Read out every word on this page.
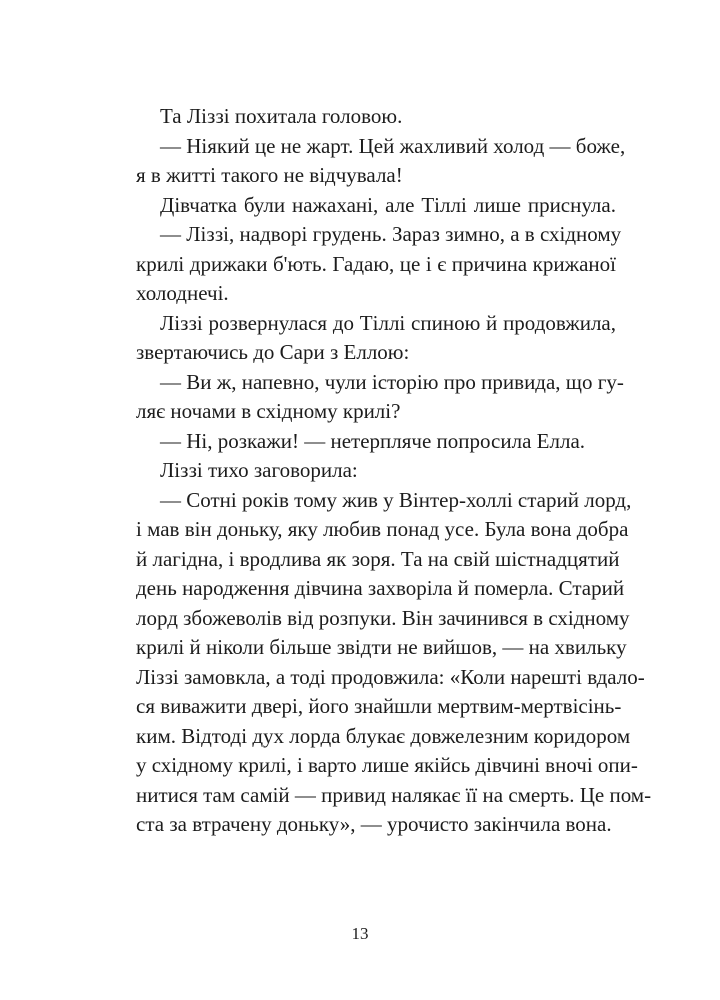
Та Ліззі похитала головою.
— Ніякий це не жарт. Цей жахливий холод — боже,
я в житті такого не відчувала!
Дівчатка були нажахані, але Тіллі лише приснула.
— Ліззі, надворі грудень. Зараз зимно, а в східному
крилі дрижаки б'ють. Гадаю, це і є причина крижаної
холоднечі.
Ліззі розвернулася до Тіллі спиною й продовжила,
звертаючись до Сари з Еллою:
— Ви ж, напевно, чули історію про привида, що гу-
ляє ночами в східному крилі?
— Ні, розкажи! — нетерпляче попросила Елла.
Ліззі тихо заговорила:
— Сотні років тому жив у Вінтер-холлі старий лорд,
і мав він доньку, яку любив понад усе. Була вона добра
й лагідна, і вродлива як зоря. Та на свій шістнадцятий
день народження дівчина захворіла й померла. Старий
лорд збожеволів від розпуки. Він зачинився в східному
крилі й ніколи більше звідти не вийшов, — на хвильку
Ліззі замовкла, а тоді продовжила: «Коли нарешті вдало-
ся виважити двері, його знайшли мертвим-мертвісінь-
ким. Відтоді дух лорда блукає довжелезним коридором
у східному крилі, і варто лише якійсь дівчині вночі опи-
нитися там самій — привид налякає її на смерть. Це пом-
ста за втрачену доньку», — урочисто закінчила вона.
13
